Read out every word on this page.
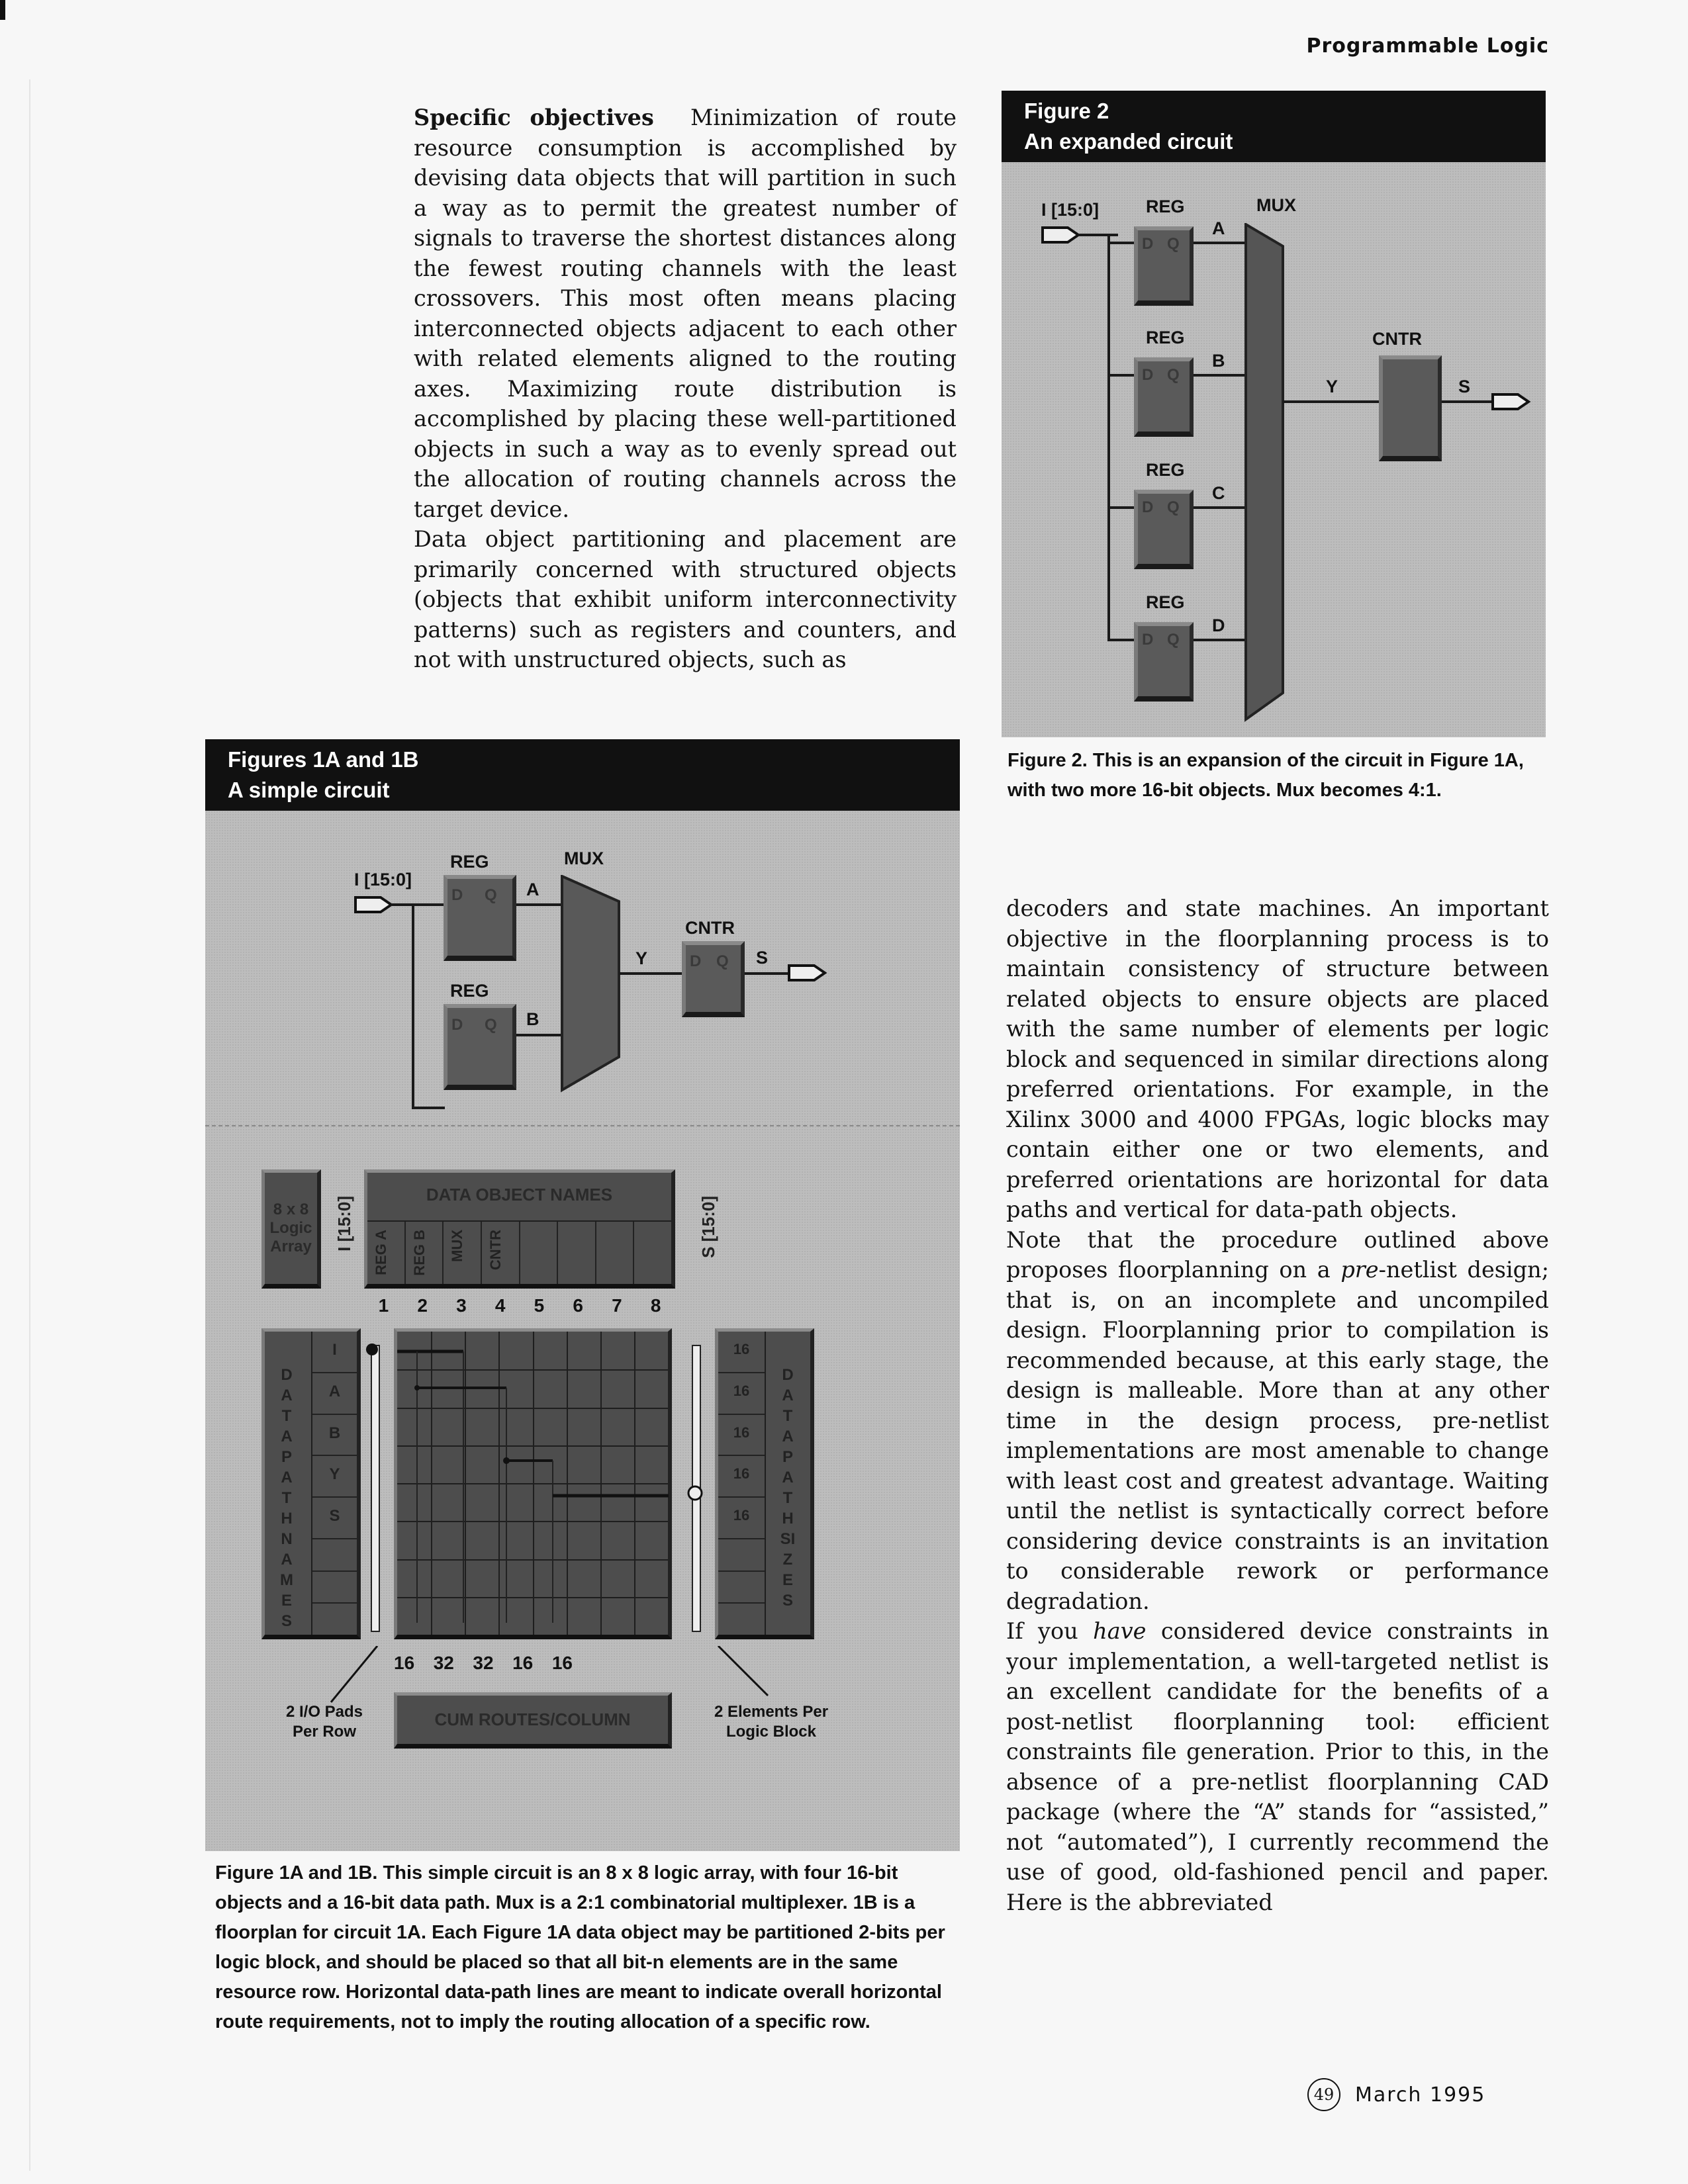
Programmable Logic

Specific objectives Minimization of route resource consumption is accomplished by devising data objects that will partition in such a way as to permit the greatest number of signals to traverse the shortest distances along the fewest routing channels with the least crossovers. This most often means placing interconnected objects adjacent to each other with related elements aligned to the routing axes. Maximizing route distribution is accomplished by placing these well-partitioned objects in such a way as to evenly spread out the allocation of routing channels across the target device.

Data object partitioning and placement are primarily concerned with structured objects (objects that exhibit uniform interconnectivity patterns) such as registers and counters, and not with unstructured objects, such as

Figure 2
An expanded circuit
I [15:0]	REG
D Q
A
REG
D Q
B
REG
D Q
C
REG
D Q
D
MUX
Y
CNTR
S
Figure 2. This is an expansion of the circuit in Figure 1A, with two more 16-bit objects. Mux becomes 4:1.
Figures 1A and 1B
A simple circuit
I [15:0]
REG
D Q A
REG
D Q B
MUX
Y
CNTR
D Q S
8 x 8 Logic Array	I [15:0]
DATA OBJECT NAMES
REG A REG B MUX CNTR	S [15:0]
1	2	3	4	5	6	7	8
DATA PATH NAMES
I
A
B
Y
S
16
16
16
16
16
DATA PATH SIZES
16 32 32 16 16
2 I/O Pads Per Row
CUM ROUTES/COLUMN	2 Elements Per Logic Block
Figure 1A and 1B. This simple circuit is an 8 x 8 logic array, with four 16-bit objects and a 16-bit data path. Mux is a 2:1 combinatorial multiplexer. 1B is a floorplan for circuit 1A. Each Figure 1A data object may be partitioned 2-bits per logic block, and should be placed so that all bit-n elements are in the same resource row. Horizontal data-path lines are meant to indicate overall horizontal route requirements, not to imply the routing allocation of a specific row.

decoders and state machines. An important objective in the floorplanning process is to maintain consistency of structure between related objects to ensure objects are placed with the same number of elements per logic block and sequenced in similar directions along preferred orientations. For example, in the Xilinx 3000 and 4000 FPGAs, logic blocks may contain either one or two elements, and preferred orientations are horizontal for data paths and vertical for data-path objects.

Note that the procedure outlined above proposes floorplanning on a pre-netlist design; that is, on an incomplete and uncompiled design. Floorplanning prior to compilation is recommended because, at this early stage, the design is malleable. More than at any other time in the design process, pre-netlist implementations are most amenable to change with least cost and greatest advantage. Waiting until the netlist is syntactically correct before considering device constraints is an invitation to considerable rework or performance degradation.

If you have considered device constraints in your implementation, a well-targeted netlist is an excellent candidate for the benefits of a post-netlist floorplanning tool: efficient constraints file generation. Prior to this, in the absence of a pre-netlist floorplanning CAD package (where the “A” stands for “assisted,” not “automated”), I currently recommend the use of good, old-fashioned pencil and paper. Here is the abbreviated

49	March 1995
